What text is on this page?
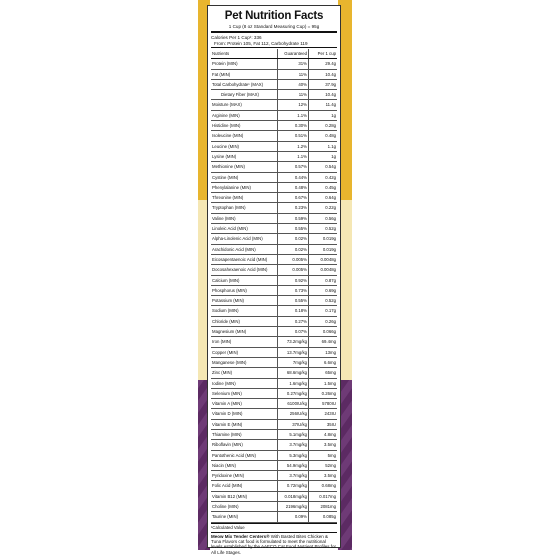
Pet Nutrition Facts
1 Cup (8 oz Standard Measuring Cup) = 95g
Calories Per 1 Cup¹: 336
From: Protein 105, Fat 112, Carbohydrate 119
Nutrients	Guaranteed	Per 1 cup
Protein (MIN)	31%	29.4g
Fat (MIN)	11%	10.4g
Total Carbohydrate¹ (MAX)	40%	37.9g
Dietary Fiber (MAX)	11%	10.4g
Moisture (MAX)	12%	11.4g
Arginine (MIN)	1.1%	1g
Histidine (MIN)	0.30%	0.28g
Isoleucine (MIN)	0.51%	0.48g
Leucine (MIN)	1.2%	1.1g
Lysine (MIN)	1.1%	1g
Methionine (MIN)	0.57%	0.54g
Cystine (MIN)	0.44%	0.42g
Phenylalanine (MIN)	0.48%	0.45g
Threonine (MIN)	0.67%	0.64g
Tryptophan (MIN)	0.23%	0.22g
Valine (MIN)	0.59%	0.56g
Linoleic Acid (MIN)	0.55%	0.52g
Alpha-Linolenic Acid (MIN)	0.02%	0.019g
Arachidonic Acid (MIN)	0.02%	0.019g
Eicosapentaenoic Acid (MIN)	0.005%	0.0048g
Docosahexaenoic Acid (MIN)	0.005%	0.0048g
Calcium (MIN)	0.92%	0.87g
Phosphorus (MIN)	0.73%	0.69g
Potassium (MIN)	0.55%	0.52g
Sodium (MIN)	0.18%	0.17g
Chloride (MIN)	0.27%	0.26g
Magnesium (MIN)	0.07%	0.066g
Iron (MIN)	73.2mg/kg	69.4mg
Copper (MIN)	13.7mg/kg	13mg
Manganese (MIN)	7mg/kg	6.6mg
Zinc (MIN)	68.6mg/kg	65mg
Iodine (MIN)	1.6mg/kg	1.5mg
Selenium (MIN)	0.27mg/kg	0.26mg
Vitamin A (MIN)	6100IU/kg	5780IU
Vitamin D (MIN)	256IU/kg	243IU
Vitamin E (MIN)	37IU/kg	35IU
Thiamine (MIN)	5.1mg/kg	4.8mg
Riboflavin (MIN)	3.7mg/kg	3.5mg
Pantothenic Acid (MIN)	5.3mg/kg	5mg
Niacin (MIN)	54.9mg/kg	52mg
Pyridoxine (MIN)	3.7mg/kg	3.5mg
Folic Acid (MIN)	0.72mg/kg	0.68mg
Vitamin B12 (MIN)	0.018mg/kg	0.017mg
Choline (MIN)	2196mg/kg	2081mg
Taurine (MIN)	0.09%	0.085g
¹Calculated Value
Meow Mix Tender Centers® With Basted Bites Chicken & Tuna Flavors cat food is formulated to meet the nutritional levels established by the AAFCO Cat Food Nutrient Profiles for All Life Stages.
